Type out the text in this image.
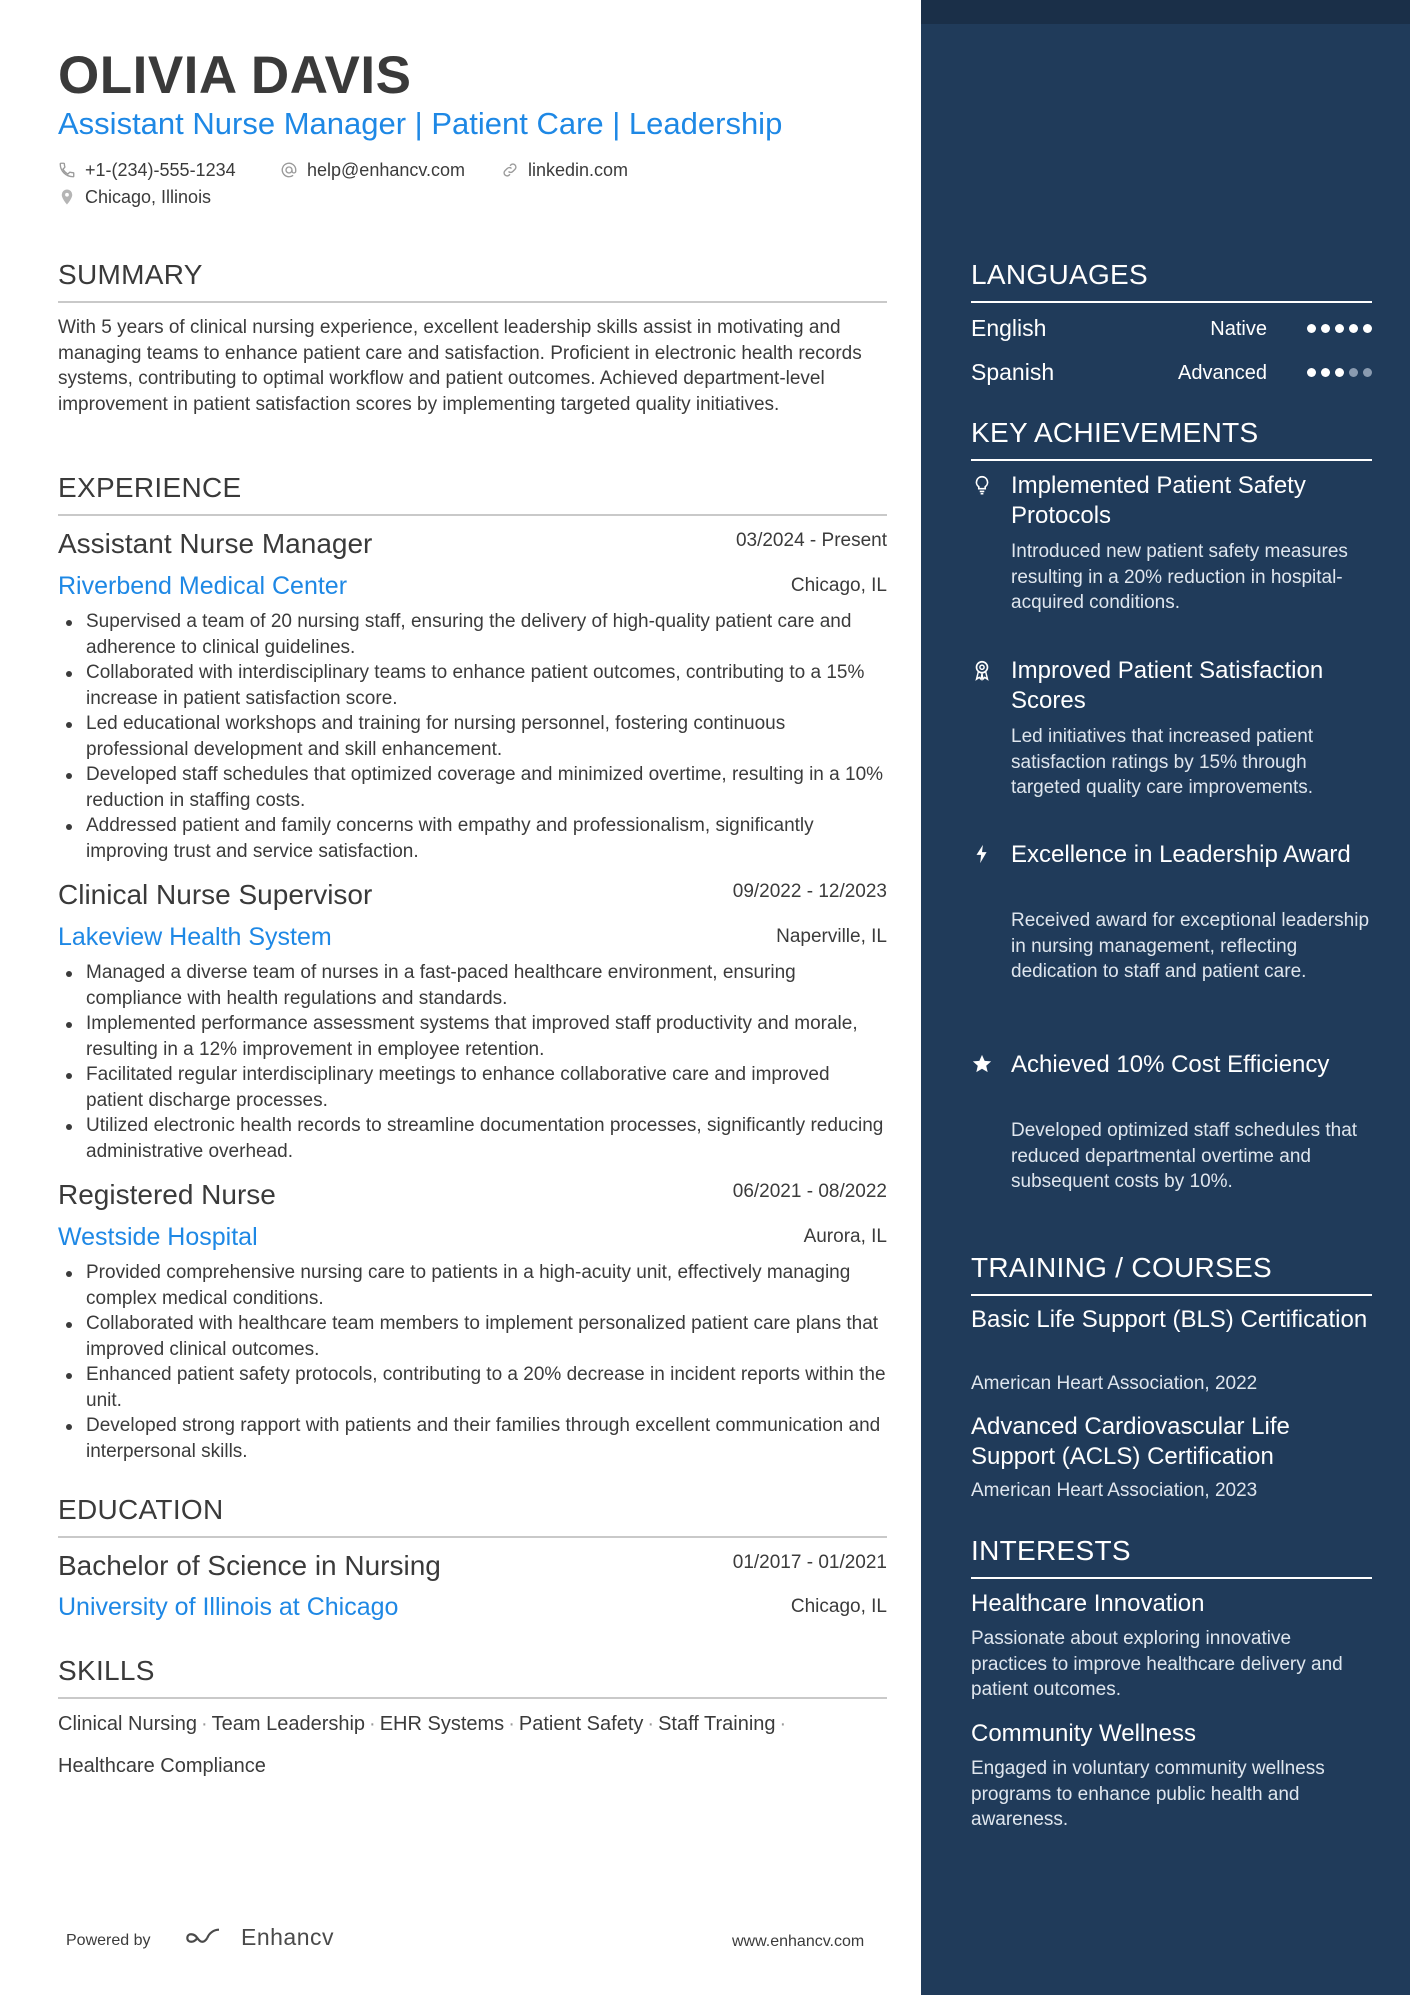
OLIVIA DAVIS
Assistant Nurse Manager | Patient Care | Leadership
+1-(234)-555-1234	help@enhancv.com	linkedin.com
Chicago, Illinois
SUMMARY
With 5 years of clinical nursing experience, excellent leadership skills assist in motivating and managing teams to enhance patient care and satisfaction. Proficient in electronic health records systems, contributing to optimal workflow and patient outcomes. Achieved department-level improvement in patient satisfaction scores by implementing targeted quality initiatives.
EXPERIENCE
Assistant Nurse Manager	03/2024 - Present
Riverbend Medical Center	Chicago, IL
Supervised a team of 20 nursing staff, ensuring the delivery of high-quality patient care and adherence to clinical guidelines.
Collaborated with interdisciplinary teams to enhance patient outcomes, contributing to a 15% increase in patient satisfaction score.
Led educational workshops and training for nursing personnel, fostering continuous professional development and skill enhancement.
Developed staff schedules that optimized coverage and minimized overtime, resulting in a 10% reduction in staffing costs.
Addressed patient and family concerns with empathy and professionalism, significantly improving trust and service satisfaction.
Clinical Nurse Supervisor	09/2022 - 12/2023
Lakeview Health System	Naperville, IL
Managed a diverse team of nurses in a fast-paced healthcare environment, ensuring compliance with health regulations and standards.
Implemented performance assessment systems that improved staff productivity and morale, resulting in a 12% improvement in employee retention.
Facilitated regular interdisciplinary meetings to enhance collaborative care and improved patient discharge processes.
Utilized electronic health records to streamline documentation processes, significantly reducing administrative overhead.
Registered Nurse	06/2021 - 08/2022
Westside Hospital	Aurora, IL
Provided comprehensive nursing care to patients in a high-acuity unit, effectively managing complex medical conditions.
Collaborated with healthcare team members to implement personalized patient care plans that improved clinical outcomes.
Enhanced patient safety protocols, contributing to a 20% decrease in incident reports within the unit.
Developed strong rapport with patients and their families through excellent communication and interpersonal skills.
EDUCATION
Bachelor of Science in Nursing	01/2017 - 01/2021
University of Illinois at Chicago	Chicago, IL
SKILLS
Clinical Nursing · Team Leadership · EHR Systems · Patient Safety · Staff Training ·
Healthcare Compliance
Powered by	Enhancv	www.enhancv.com
LANGUAGES
English	Native
Spanish	Advanced
KEY ACHIEVEMENTS
Implemented Patient Safety Protocols
Introduced new patient safety measures resulting in a 20% reduction in hospital-acquired conditions.
Improved Patient Satisfaction Scores
Led initiatives that increased patient satisfaction ratings by 15% through targeted quality care improvements.
Excellence in Leadership Award
Received award for exceptional leadership in nursing management, reflecting dedication to staff and patient care.
Achieved 10% Cost Efficiency
Developed optimized staff schedules that reduced departmental overtime and subsequent costs by 10%.
TRAINING / COURSES
Basic Life Support (BLS) Certification
American Heart Association, 2022
Advanced Cardiovascular Life Support (ACLS) Certification
American Heart Association, 2023
INTERESTS
Healthcare Innovation
Passionate about exploring innovative practices to improve healthcare delivery and patient outcomes.
Community Wellness
Engaged in voluntary community wellness programs to enhance public health and awareness.
